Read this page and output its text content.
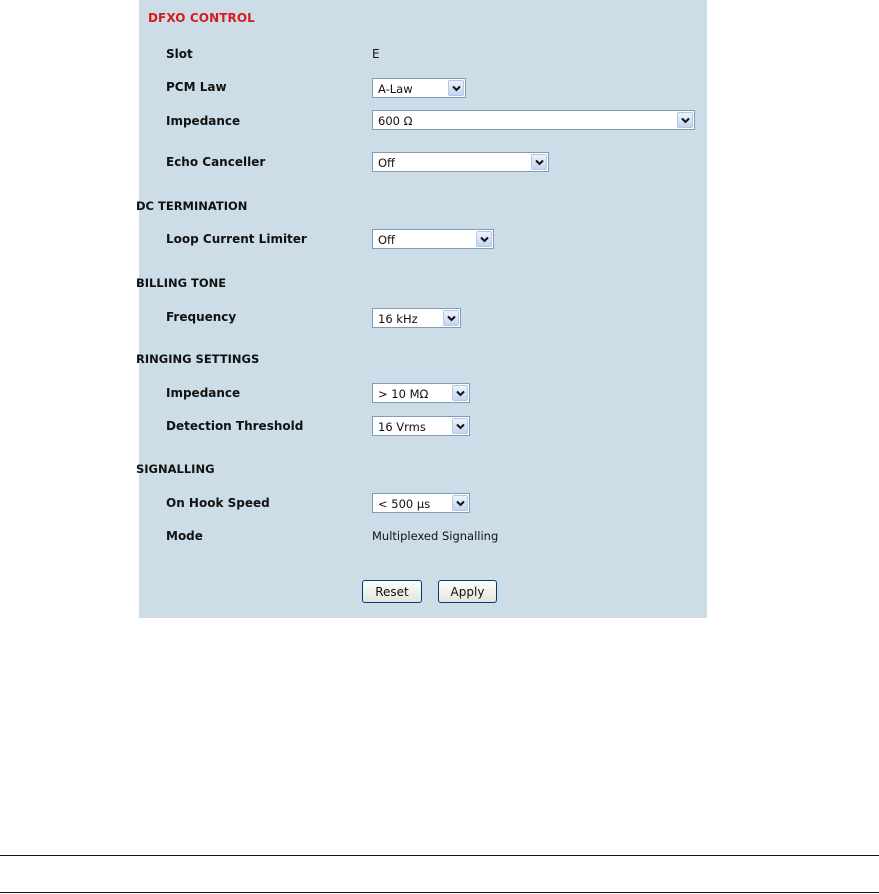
DFXO CONTROL
Slot	E
PCM Law	A-Law
Impedance	600 Ω
Echo Canceller	Off
DC TERMINATION
Loop Current Limiter	Off
BILLING TONE
Frequency	16 kHz
RINGING SETTINGS
Impedance	> 10 MΩ
Detection Threshold	16 Vrms
SIGNALLING
On Hook Speed	< 500 µs
Mode	Multiplexed Signalling
Reset	Apply
